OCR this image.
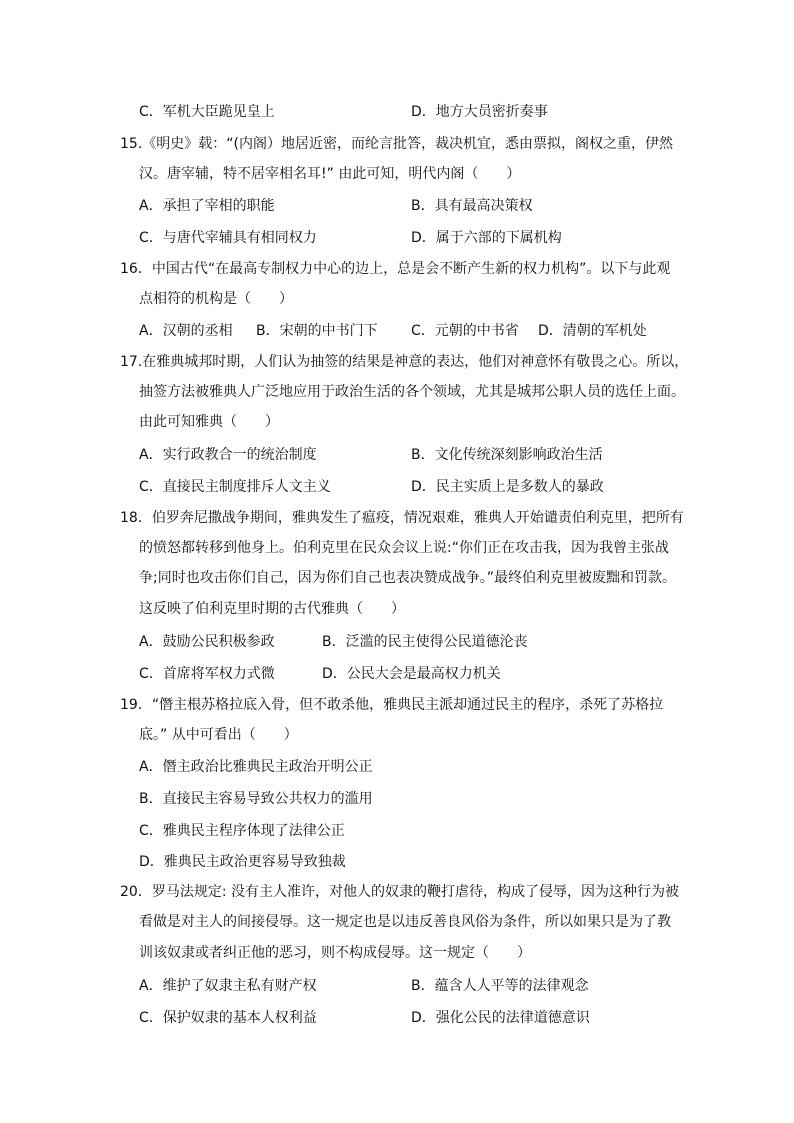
C．军机大臣跪见皇上	D．地方大员密折奏事
15.《明史》载：“(内阁）地居近密，而纶言批答，裁决机宜，悉由票拟，阁权之重，伊然
汉。唐宰辅，特不居宰相名耳!” 由此可知，明代内阁（　　）
A．承担了宰相的职能	B．具有最高决策权
C．与唐代宰辅具有相同权力	D．属于六部的下属机构
16．中国古代“在最高专制权力中心的边上，总是会不断产生新的权力机构”。以下与此观
点相符的机构是（　　）
A．汉朝的丞相 B．宋朝的中书门下 C．元朝的中书省 D．清朝的军机处
17.在雅典城邦时期，人们认为抽签的结果是神意的表达，他们对神意怀有敬畏之心。所以，
抽签方法被雅典人广泛地应用于政治生活的各个领域，尤其是城邦公职人员的选任上面。
由此可知雅典（　　）
A．实行政教合一的统治制度	B．文化传统深刻影响政治生活
C．直接民主制度排斥人文主义	D．民主实质上是多数人的暴政
18．伯罗奔尼撒战争期间，雅典发生了瘟疫，情况艰难，雅典人开始谴责伯利克里，把所有
的愤怒都转移到他身上。伯利克里在民众会议上说:“你们正在攻击我，因为我曾主张战
争;同时也攻击你们自己，因为你们自己也表决赞成战争。”最终伯利克里被废黜和罚款。
这反映了伯利克里时期的古代雅典（　　）
A．鼓励公民积极参政	B．泛滥的民主使得公民道德沦丧
C．首席将军权力式微	D．公民大会是最高权力机关
19．“僭主根苏格拉底入骨，但不敢杀他，雅典民主派却通过民主的程序，杀死了苏格拉
底。” 从中可看出（　　）
A．僭主政治比雅典民主政治开明公正
B．直接民主容易导致公共权力的滥用
C．雅典民主程序体现了法律公正
D．雅典民主政治更容易导致独裁
20．罗马法规定: 没有主人准许，对他人的奴隶的鞭打虐待，构成了侵辱，因为这种行为被
看做是对主人的间接侵辱。这一规定也是以违反善良风俗为条件，所以如果只是为了教
训该奴隶或者纠正他的恶习，则不构成侵辱。这一规定（　　）
A．维护了奴隶主私有财产权	B．蕴含人人平等的法律观念
C．保护奴隶的基本人权利益	D．强化公民的法律道德意识
